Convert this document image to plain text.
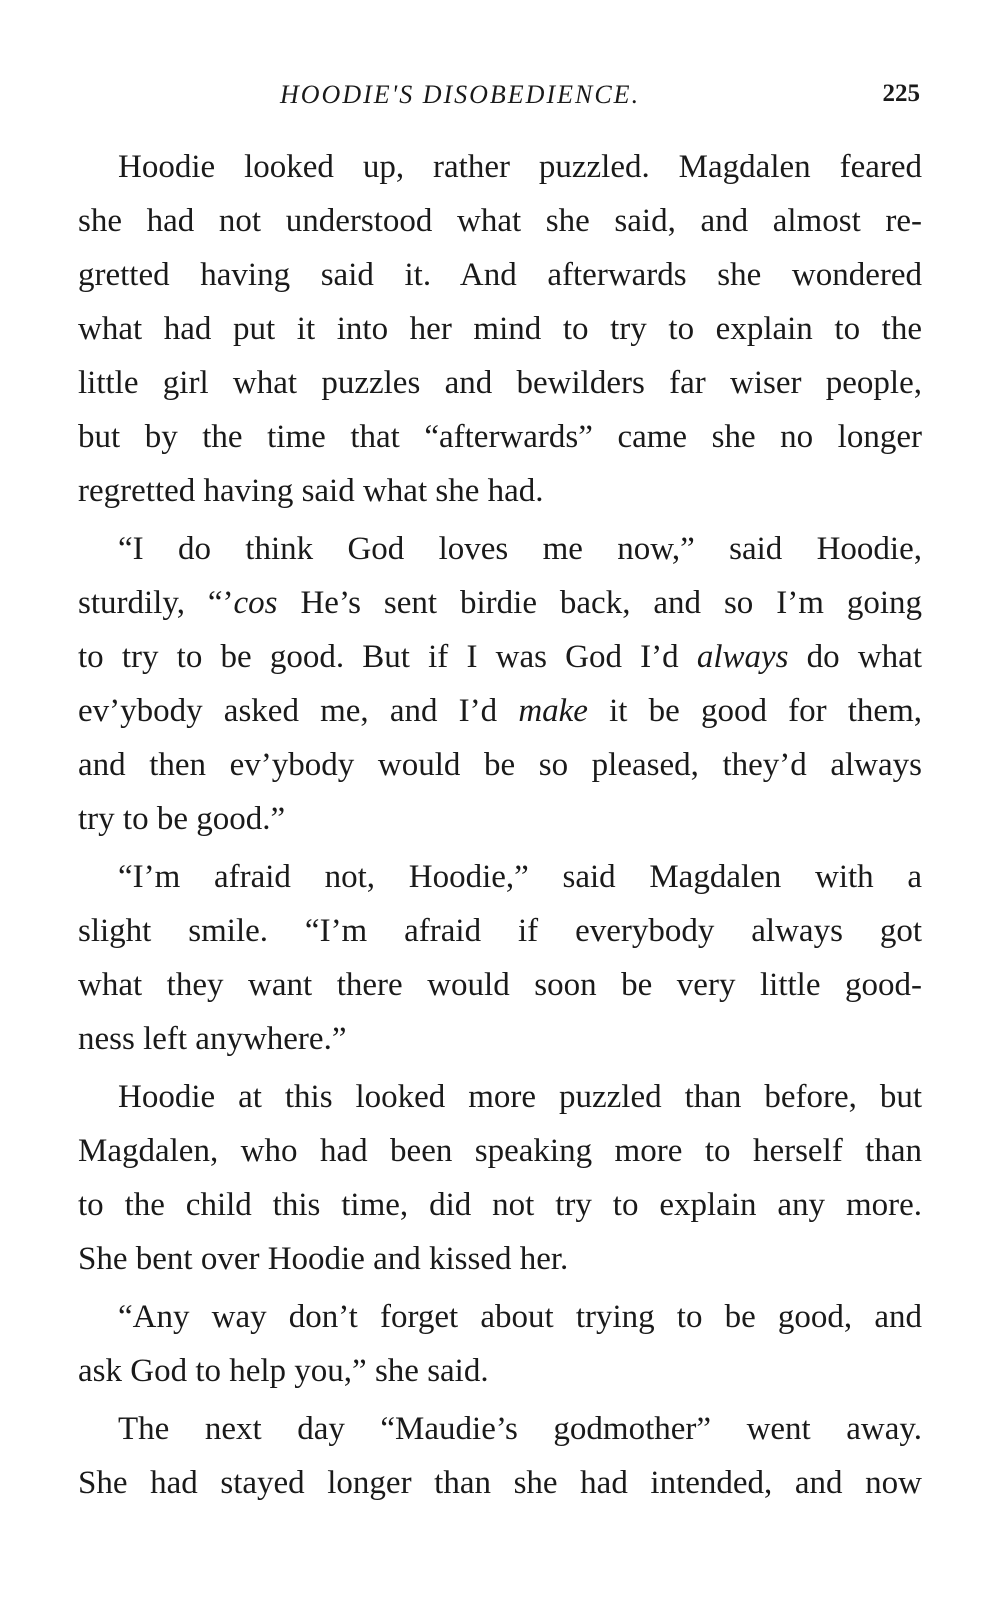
HOODIE'S DISOBEDIENCE.	225
Hoodie looked up, rather puzzled. Magdalen feared
she had not understood what she said, and almost re-
gretted having said it. And afterwards she wondered
what had put it into her mind to try to explain to the
little girl what puzzles and bewilders far wiser people,
but by the time that “afterwards” came she no longer
regretted having said what she had.
“I do think God loves me now,” said Hoodie,
sturdily, “’cos He’s sent birdie back, and so I’m going
to try to be good. But if I was God I’d always do what
ev’ybody asked me, and I’d make it be good for them,
and then ev’ybody would be so pleased, they’d always
try to be good.”
“I’m afraid not, Hoodie,” said Magdalen with a
slight smile. “I’m afraid if everybody always got
what they want there would soon be very little good-
ness left anywhere.”
Hoodie at this looked more puzzled than before, but
Magdalen, who had been speaking more to herself than
to the child this time, did not try to explain any more.
She bent over Hoodie and kissed her.
“Any way don’t forget about trying to be good, and
ask God to help you,” she said.
The next day “Maudie’s godmother” went away.
She had stayed longer than she had intended, and now
